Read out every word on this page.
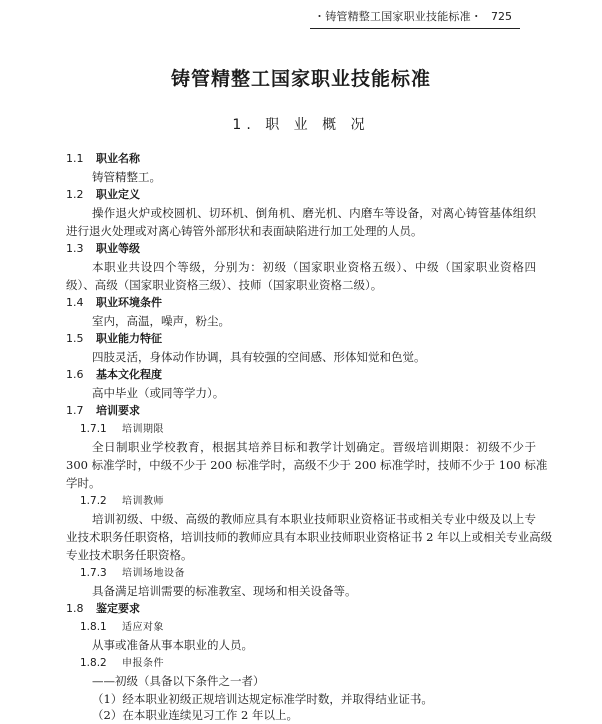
・铸管精整工国家职业技能标准・ 725
铸管精整工国家职业技能标准
1. 职 业 概 况
1.1 职业名称
铸管精整工。
1.2 职业定义
操作退火炉或校圆机、切环机、倒角机、磨光机、内磨车等设备，对离心铸管基体组织
进行退火处理或对离心铸管外部形状和表面缺陷进行加工处理的人员。
1.3 职业等级
本职业共设四个等级，分别为：初级（国家职业资格五级）、中级（国家职业资格四
级）、高级（国家职业资格三级）、技师（国家职业资格二级）。
1.4 职业环境条件
室内，高温，噪声，粉尘。
1.5 职业能力特征
四肢灵活，身体动作协调，具有较强的空间感、形体知觉和色觉。
1.6 基本文化程度
高中毕业（或同等学力）。
1.7 培训要求
1.7.1 培训期限
全日制职业学校教育，根据其培养目标和教学计划确定。晋级培训期限：初级不少于
300 标准学时，中级不少于 200 标准学时，高级不少于 200 标准学时，技师不少于 100 标准
学时。
1.7.2 培训教师
培训初级、中级、高级的教师应具有本职业技师职业资格证书或相关专业中级及以上专
业技术职务任职资格，培训技师的教师应具有本职业技师职业资格证书 2 年以上或相关专业高级
专业技术职务任职资格。
1.7.3 培训场地设备
具备满足培训需要的标准教室、现场和相关设备等。
1.8 鉴定要求
1.8.1 适应对象
从事或准备从事本职业的人员。
1.8.2 申报条件
——初级（具备以下条件之一者）
（1）经本职业初级正规培训达规定标准学时数，并取得结业证书。
（2）在本职业连续见习工作 2 年以上。
